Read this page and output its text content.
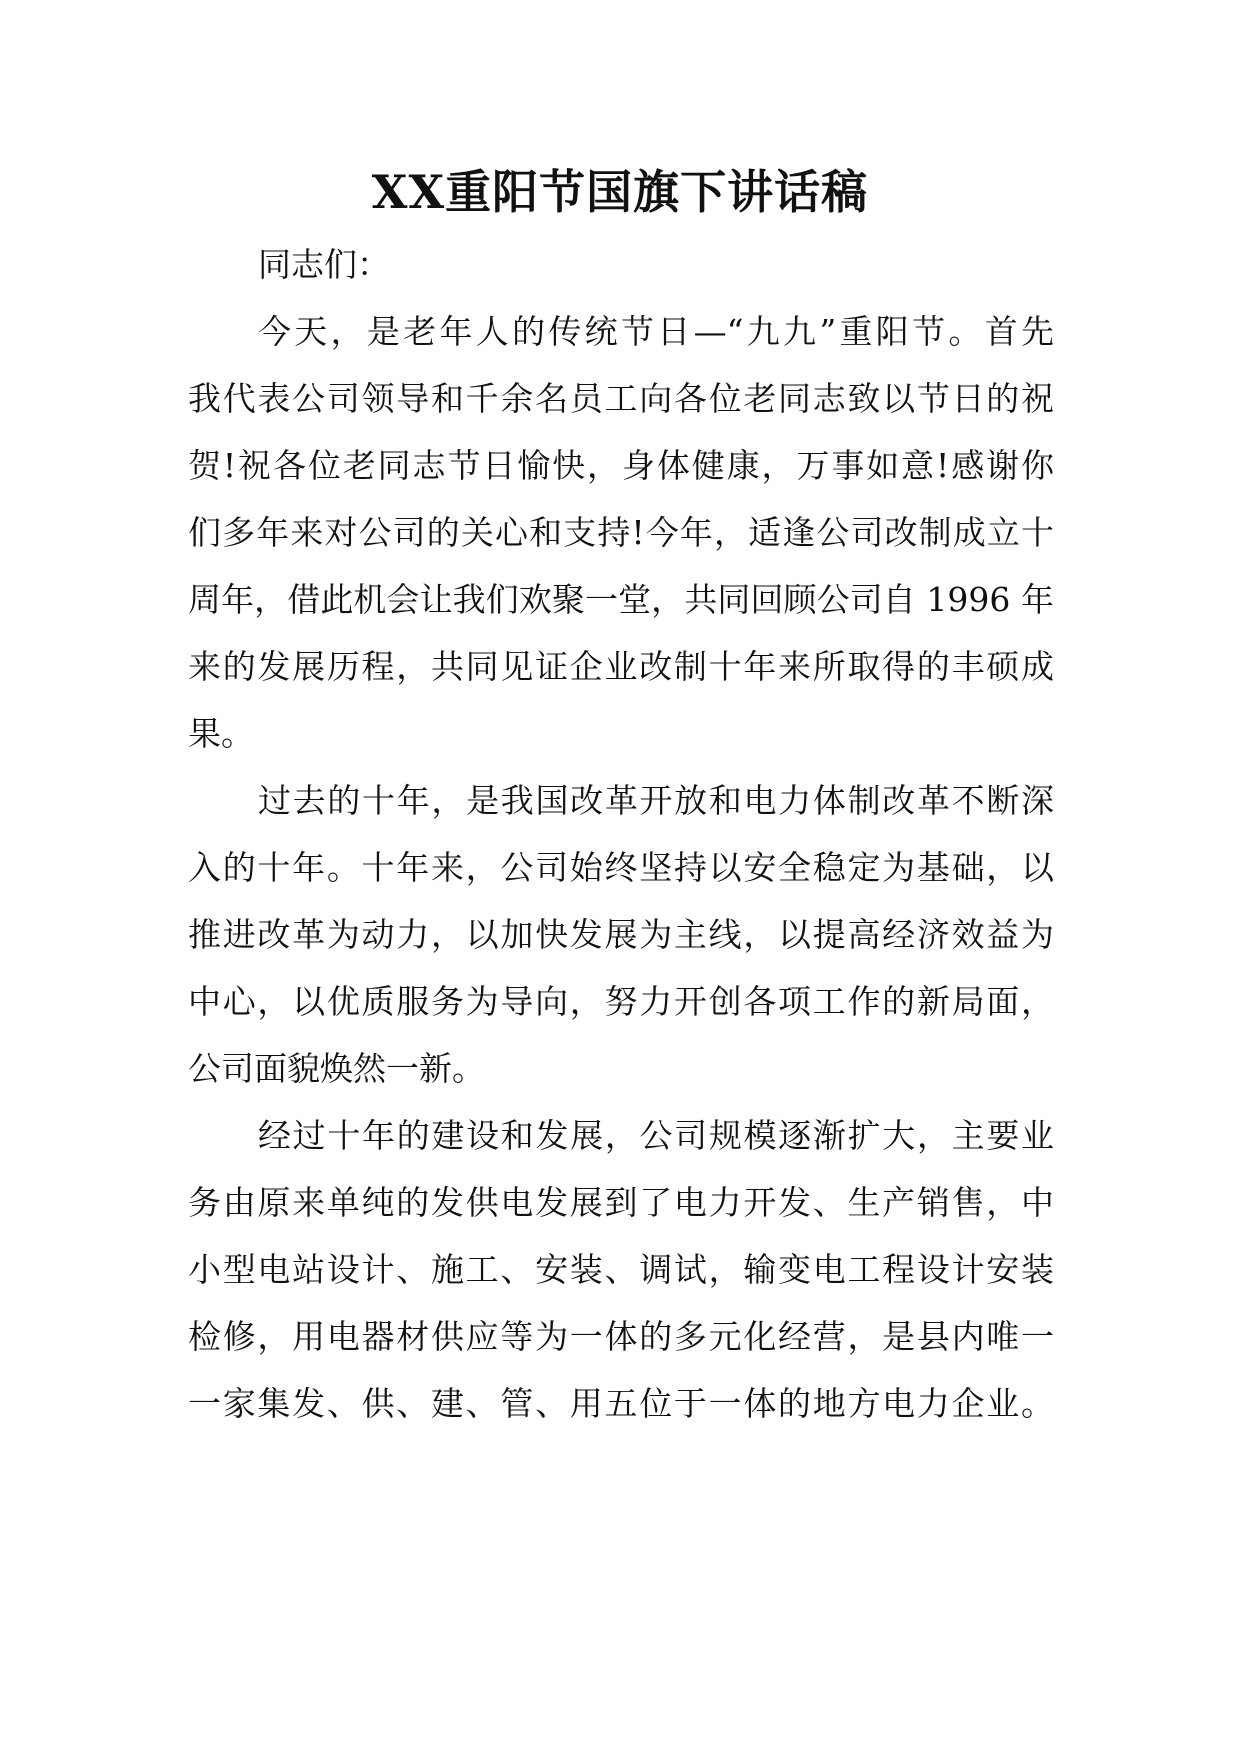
XX重阳节国旗下讲话稿
同志们：
今天，是老年人的传统节日—“九九”重阳节。首先
我代表公司领导和千余名员工向各位老同志致以节日的祝
贺!祝各位老同志节日愉快，身体健康，万事如意!感谢你
们多年来对公司的关心和支持!今年，适逢公司改制成立十
周年，借此机会让我们欢聚一堂，共同回顾公司自 1996 年
来的发展历程，共同见证企业改制十年来所取得的丰硕成
果。
过去的十年，是我国改革开放和电力体制改革不断深
入的十年。十年来，公司始终坚持以安全稳定为基础，以
推进改革为动力，以加快发展为主线，以提高经济效益为
中心，以优质服务为导向，努力开创各项工作的新局面，
公司面貌焕然一新。
经过十年的建设和发展，公司规模逐渐扩大，主要业
务由原来单纯的发供电发展到了电力开发、生产销售，中
小型电站设计、施工、安装、调试，输变电工程设计安装
检修，用电器材供应等为一体的多元化经营，是县内唯一
一家集发、供、建、管、用五位于一体的地方电力企业。
